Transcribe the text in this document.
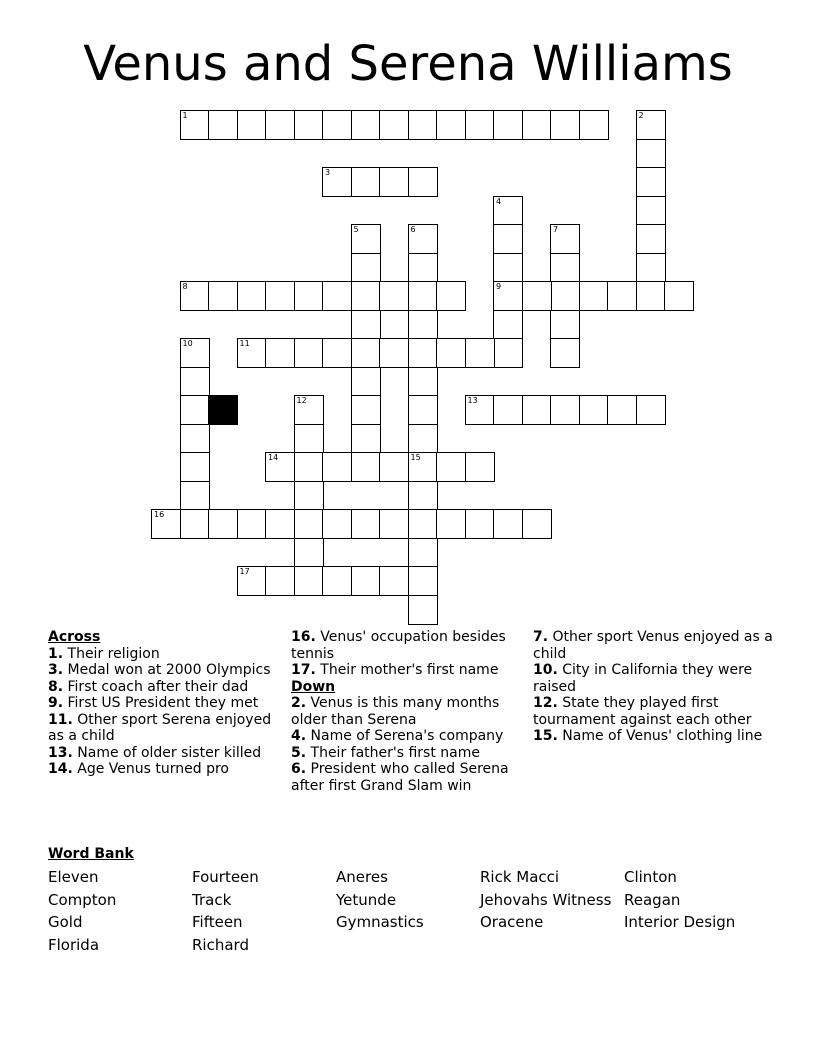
Venus and Serena Williams
1	2
3
4
9
5	6	7
8
10	11
12	13
14	15
16
17
Across
1. Their religion
3. Medal won at 2000 Olympics
8. First coach after their dad
9. First US President they met
11. Other sport Serena enjoyed as a child
13. Name of older sister killed
14. Age Venus turned pro
16. Venus' occupation besides tennis
17. Their mother's first name
Down
2. Venus is this many months older than Serena
4. Name of Serena's company
5. Their father's first name
6. President who called Serena after first Grand Slam win
7. Other sport Venus enjoyed as a child
10. City in California they were raised
12. State they played first tournament against each other
15. Name of Venus' clothing line
Word Bank
Eleven
Compton
Gold
Florida
Fourteen
Track
Fifteen
Richard
Aneres
Yetunde
Gymnastics
Rick Macci
Jehovahs Witness
Oracene
Clinton
Reagan
Interior Design
